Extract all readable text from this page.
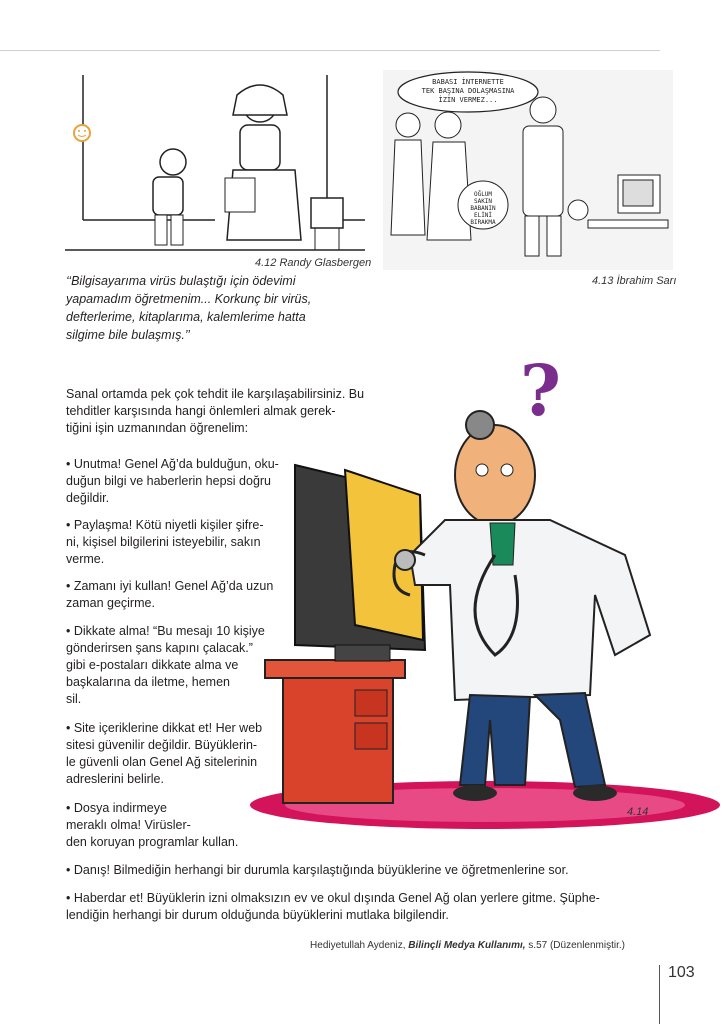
4.12 Randy Glasbergen
BABASI İNTERNETTE
TEK BAŞINA DOLAŞMASINA
İZİN VERMEZ...
OĞLUM
SAKIN
BABANIN
ELİNİ
BIRAKMA
4.13 İbrahim Sarı
‘‘Bilgisayarıma virüs bulaştığı için ödevimi
yapamadım öğretmenim... Korkunç bir virüs,
defterlerime, kitaplarıma, kalemlerime hatta
silgime bile bulaşmış.’’
?
4.14
Sanal ortamda pek çok tehdit ile karşılaşabilirsiniz. Bu
tehditler karşısında hangi önlemleri almak gerek-
tiğini işin uzmanından öğrenelim:
• Unutma! Genel Ağ’da bulduğun, oku-
duğun bilgi ve haberlerin hepsi doğru
değildir.
• Paylaşma! Kötü niyetli kişiler şifre-
ni, kişisel bilgilerini isteyebilir, sakın
verme.
• Zamanı iyi kullan! Genel Ağ’da uzun
zaman geçirme.
• Dikkate alma! “Bu mesajı 10 kişiye
gönderirsen şans kapını çalacak.”
gibi e-postaları dikkate alma ve
başkalarına da iletme, hemen
sil.
• Site içeriklerine dikkat et! Her web
sitesi güvenilir değildir. Büyüklerin-
le güvenli olan Genel Ağ sitelerinin
adreslerini belirle.
• Dosya indirmeye
meraklı olma! Virüsler-
den koruyan programlar kullan.
• Danış! Bilmediğin herhangi bir durumla karşılaştığında büyüklerine ve öğretmenlerine sor.
• Haberdar et! Büyüklerin izni olmaksızın ev ve okul dışında Genel Ağ olan yerlere gitme. Şüphe-
lendiğin herhangi bir durum olduğunda büyüklerini mutlaka bilgilendir.
Hediyetullah Aydeniz, Bilinçli Medya Kullanımı, s.57 (Düzenlenmiştir.)
103
